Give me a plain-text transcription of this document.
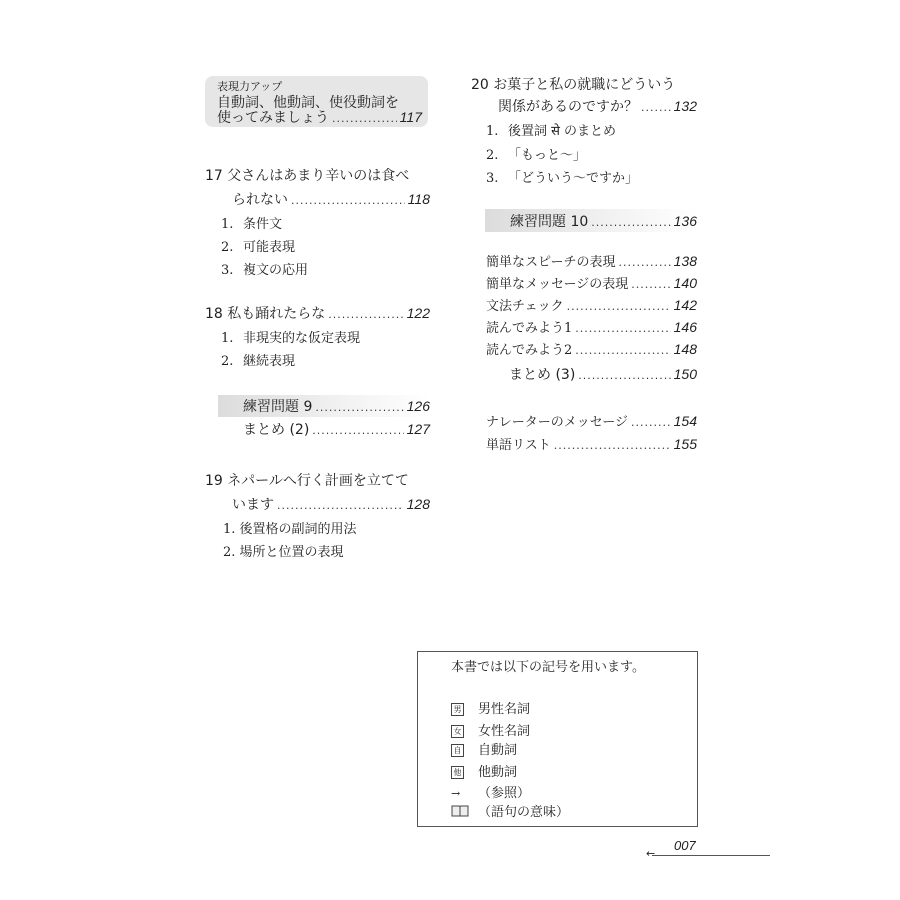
表現力アップ
自動詞、他動詞、使役動詞を
使ってみましょう .....	117
17 父さんはあまり辛いのは食べ
られない .....	118
1. 条件文
2. 可能表現
3. 複文の応用
18 私も踊れたらな .....	122
1. 非現実的な仮定表現
2. 継続表現
練習問題 9 .....	126
まとめ (2) .....	127
19 ネパールへ行く計画を立てて
います .....	128
1. 後置格の副詞的用法
2. 場所と位置の表現
20 お菓子と私の就職にどういう
関係があるのですか？ .....	132
1. 後置詞 से のまとめ
2. 「もっと〜」
3. 「どういう〜ですか」
練習問題 10 .....	136
簡単なスピーチの表現 .....	138
簡単なメッセージの表現 .....	140
文法チェック .....	142
読んでみよう1 .....	146
読んでみよう2 .....	148
まとめ (3) .....	150
ナレーターのメッセージ .....	154
単語リスト .....	155
本書では以下の記号を用います。
男 男性名詞
女 女性名詞
自 自動詞
他 他動詞
→ （参照）
（語句の意味）
007
←
